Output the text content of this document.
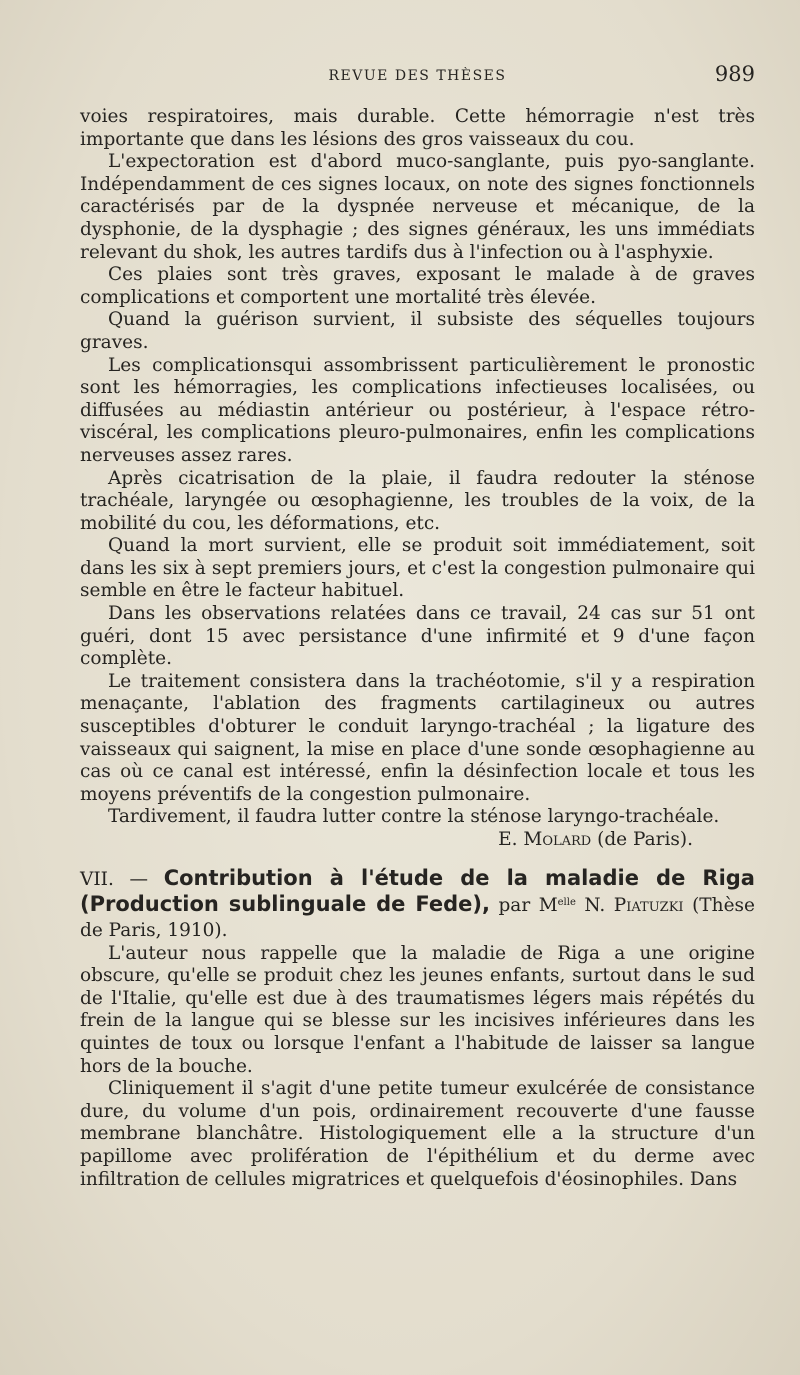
REVUE DES THÈSES	989

voies respiratoires, mais durable. Cette hémorragie n'est très importante que dans les lésions des gros vaisseaux du cou.

L'expectoration est d'abord muco-sanglante, puis pyo-sanglante. Indépendamment de ces signes locaux, on note des signes fonctionnels caractérisés par de la dyspnée nerveuse et mécanique, de la dysphonie, de la dysphagie ; des signes généraux, les uns immédiats relevant du shok, les autres tardifs dus à l'infection ou à l'asphyxie.

Ces plaies sont très graves, exposant le malade à de graves complications et comportent une mortalité très élevée.

Quand la guérison survient, il subsiste des séquelles toujours graves.

Les complicationsqui assombrissent particulièrement le pronostic sont les hémorragies, les complications infectieuses localisées, ou diffusées au médiastin antérieur ou postérieur, à l'espace rétro-viscéral, les complications pleuro-pulmonaires, enfin les complications nerveuses assez rares.

Après cicatrisation de la plaie, il faudra redouter la sténose trachéale, laryngée ou œsophagienne, les troubles de la voix, de la mobilité du cou, les déformations, etc.

Quand la mort survient, elle se produit soit immédiatement, soit dans les six à sept premiers jours, et c'est la congestion pulmonaire qui semble en être le facteur habituel.

Dans les observations relatées dans ce travail, 24 cas sur 51 ont guéri, dont 15 avec persistance d'une infirmité et 9 d'une façon complète.

Le traitement consistera dans la trachéotomie, s'il y a respiration menaçante, l'ablation des fragments cartilagineux ou autres susceptibles d'obturer le conduit laryngo-trachéal ; la ligature des vaisseaux qui saignent, la mise en place d'une sonde œsophagienne au cas où ce canal est intéressé, enfin la désinfection locale et tous les moyens préventifs de la congestion pulmonaire.

Tardivement, il faudra lutter contre la sténose laryngo-trachéale.

E. Molard (de Paris).

VII. — Contribution à l'étude de la maladie de Riga (Production sublinguale de Fede), par $M^{elle}$ N. Piatuzki (Thèse de Paris, 1910).

L'auteur nous rappelle que la maladie de Riga a une origine obscure, qu'elle se produit chez les jeunes enfants, surtout dans le sud de l'Italie, qu'elle est due à des traumatismes légers mais répétés du frein de la langue qui se blesse sur les incisives inférieures dans les quintes de toux ou lorsque l'enfant a l'habitude de laisser sa langue hors de la bouche.

Cliniquement il s'agit d'une petite tumeur exulcérée de consistance dure, du volume d'un pois, ordinairement recouverte d'une fausse membrane blanchâtre. Histologiquement elle a la structure d'un papillome avec prolifération de l'épithélium et du derme avec infiltration de cellules migratrices et quelquefois d'éosinophiles. Dans
